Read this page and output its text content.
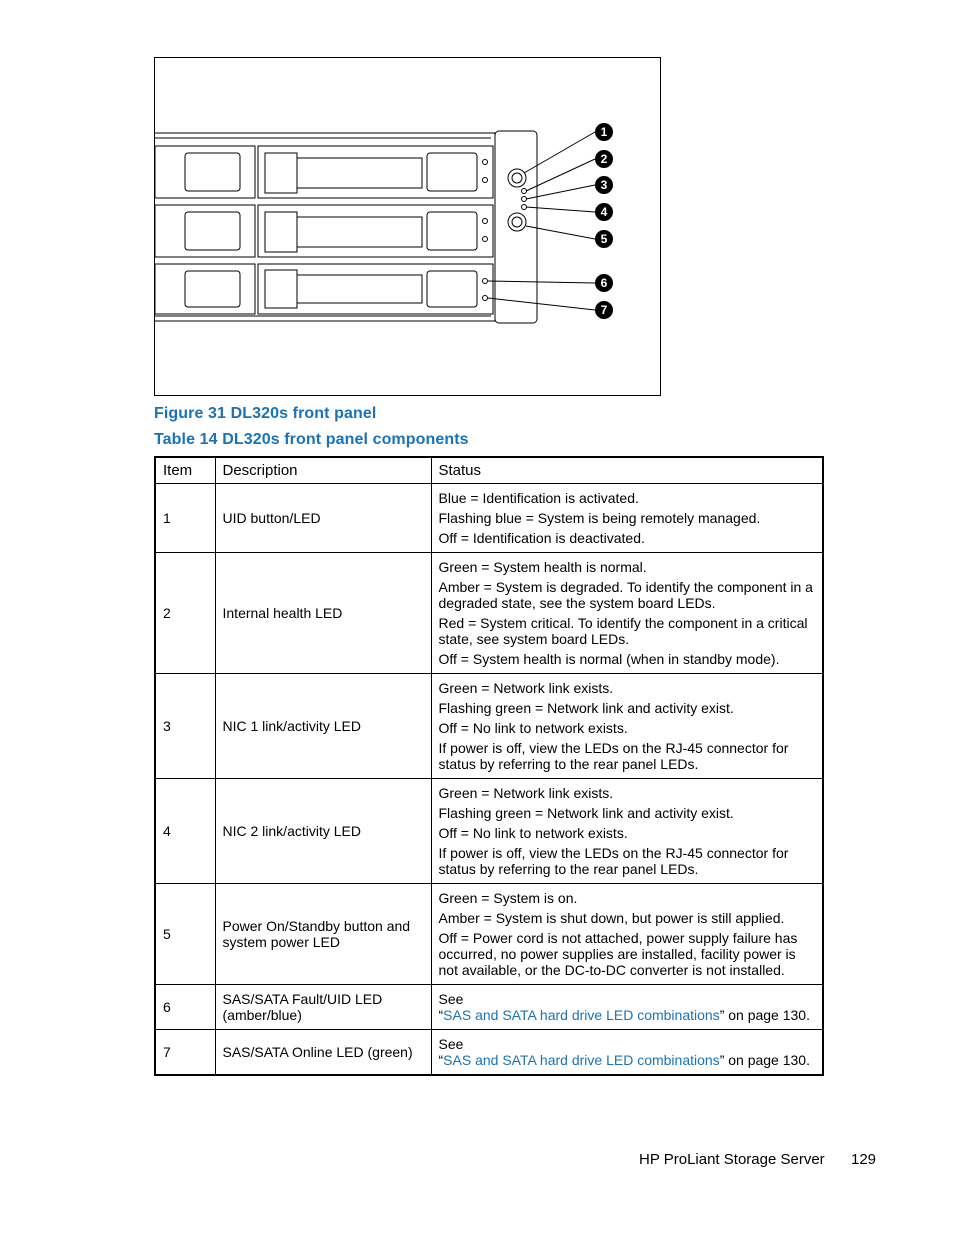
1
2
3
4
5
6
7
Figure 31 DL320s front panel
Table 14 DL320s front panel components
Item	Description	Status
1	UID button/LED	Blue = Identification is activated.

Flashing blue = System is being remotely managed.

Off = Identification is deactivated.

2	Internal health LED	Green = System health is normal.

Amber = System is degraded. To identify the component in a degraded state, see the system board LEDs.

Red = System critical. To identify the component in a critical state, see system board LEDs.

Off = System health is normal (when in standby mode).

3	NIC 1 link/activity LED	Green = Network link exists.

Flashing green = Network link and activity exist.

Off = No link to network exists.

If power is off, view the LEDs on the RJ-45 connector for status by referring to the rear panel LEDs.

4	NIC 2 link/activity LED	Green = Network link exists.

Flashing green = Network link and activity exist.

Off = No link to network exists.

If power is off, view the LEDs on the RJ-45 connector for status by referring to the rear panel LEDs.

5	Power On/Standby button and system power LED	Green = System is on.

Amber = System is shut down, but power is still applied.

Off = Power cord is not attached, power supply failure has occurred, no power supplies are installed, facility power is not available, or the DC-to-DC converter is not installed.

6	SAS/SATA Fault/UID LED (amber/blue)	See
“SAS and SATA hard drive LED combinations” on page 130.
7	SAS/SATA Online LED (green)	See
“SAS and SATA hard drive LED combinations” on page 130.
HP ProLiant Storage Server 129
